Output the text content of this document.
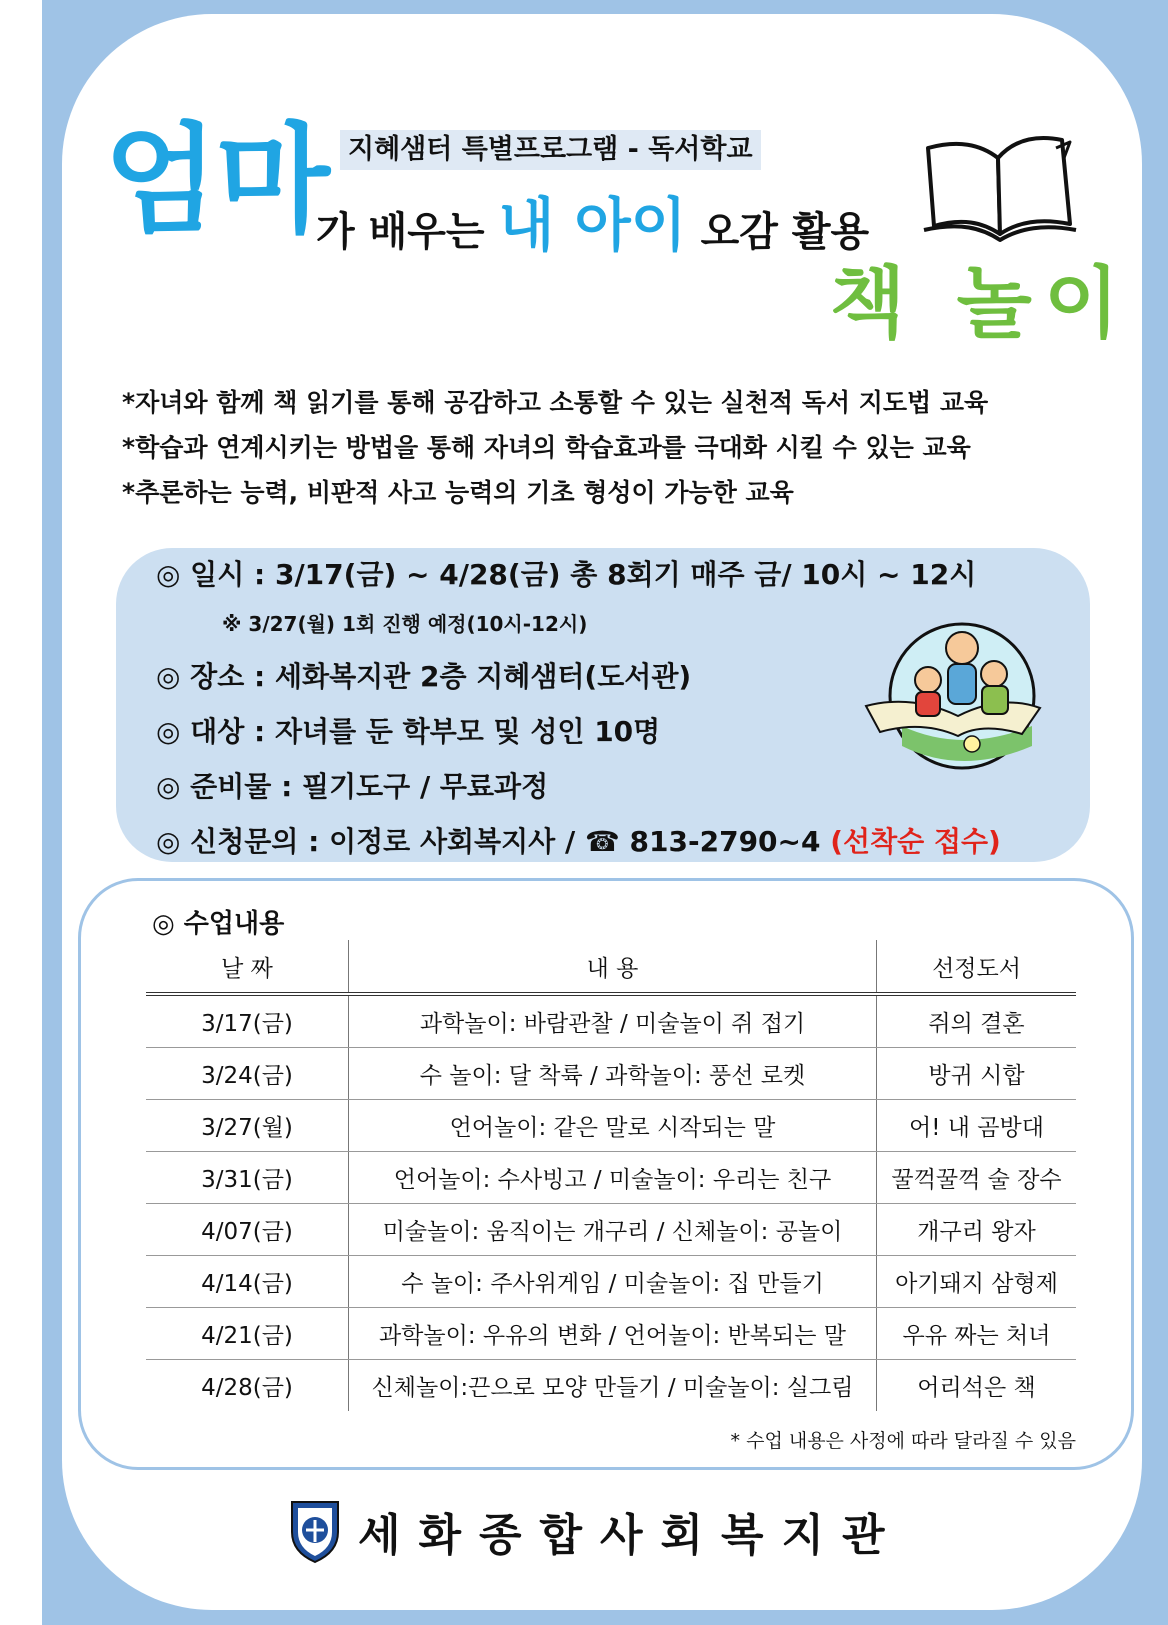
지혜샘터 특별프로그램 - 독서학교
엄마
가 배우는 내 아이 오감 활용
책 놀이
*자녀와 함께 책 읽기를 통해 공감하고 소통할 수 있는 실천적 독서 지도법 교육
*학습과 연계시키는 방법을 통해 자녀의 학습효과를 극대화 시킬 수 있는 교육
*추론하는 능력, 비판적 사고 능력의 기초 형성이 가능한 교육
◎ 일시 : 3/17(금) ~ 4/28(금) 총 8회기 매주 금/ 10시 ~ 12시
※ 3/27(월) 1회 진행 예정(10시-12시)
◎ 장소 : 세화복지관 2층 지혜샘터(도서관)
◎ 대상 : 자녀를 둔 학부모 및 성인 10명
◎ 준비물 : 필기도구 / 무료과정
◎ 신청문의 : 이정로 사회복지사 / ☎ 813-2790~4 (선착순 접수)
◎ 수업내용
날 짜	내 용	선정도서
3/17(금)	과학놀이: 바람관찰 / 미술놀이 쥐 접기	쥐의 결혼
3/24(금)	수 놀이: 달 착륙 / 과학놀이: 풍선 로켓	방귀 시합
3/27(월)	언어놀이: 같은 말로 시작되는 말	어! 내 곰방대
3/31(금)	언어놀이: 수사빙고 / 미술놀이: 우리는 친구	꿀꺽꿀꺽 술 장수
4/07(금)	미술놀이: 움직이는 개구리 / 신체놀이: 공놀이	개구리 왕자
4/14(금)	수 놀이: 주사위게임 / 미술놀이: 집 만들기	아기돼지 삼형제
4/21(금)	과학놀이: 우유의 변화 / 언어놀이: 반복되는 말	우유 짜는 처녀
4/28(금)	신체놀이:끈으로 모양 만들기 / 미술놀이: 실그림	어리석은 책
* 수업 내용은 사정에 따라 달라질 수 있음
세화종합사회복지관
